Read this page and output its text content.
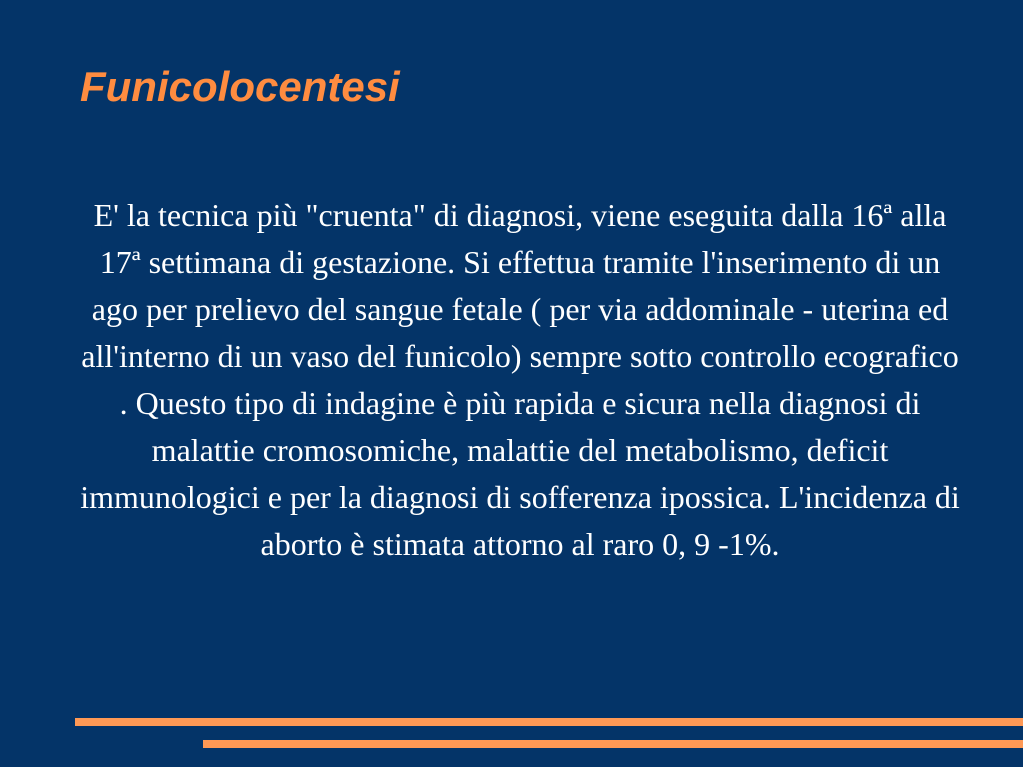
Funicolocentesi

E' la tecnica più "cruenta" di diagnosi, viene eseguita dalla 16ª alla 17ª settimana di gestazione. Si effettua tramite l'inserimento di un ago per prelievo del sangue fetale ( per via addominale - uterina ed all'interno di un vaso del funicolo) sempre sotto controllo ecografico . Questo tipo di indagine è più rapida e sicura nella diagnosi di malattie cromosomiche, malattie del metabolismo, deficit immunologici e per la diagnosi di sofferenza ipossica. L'incidenza di aborto è stimata attorno al raro 0, 9 -1%.
